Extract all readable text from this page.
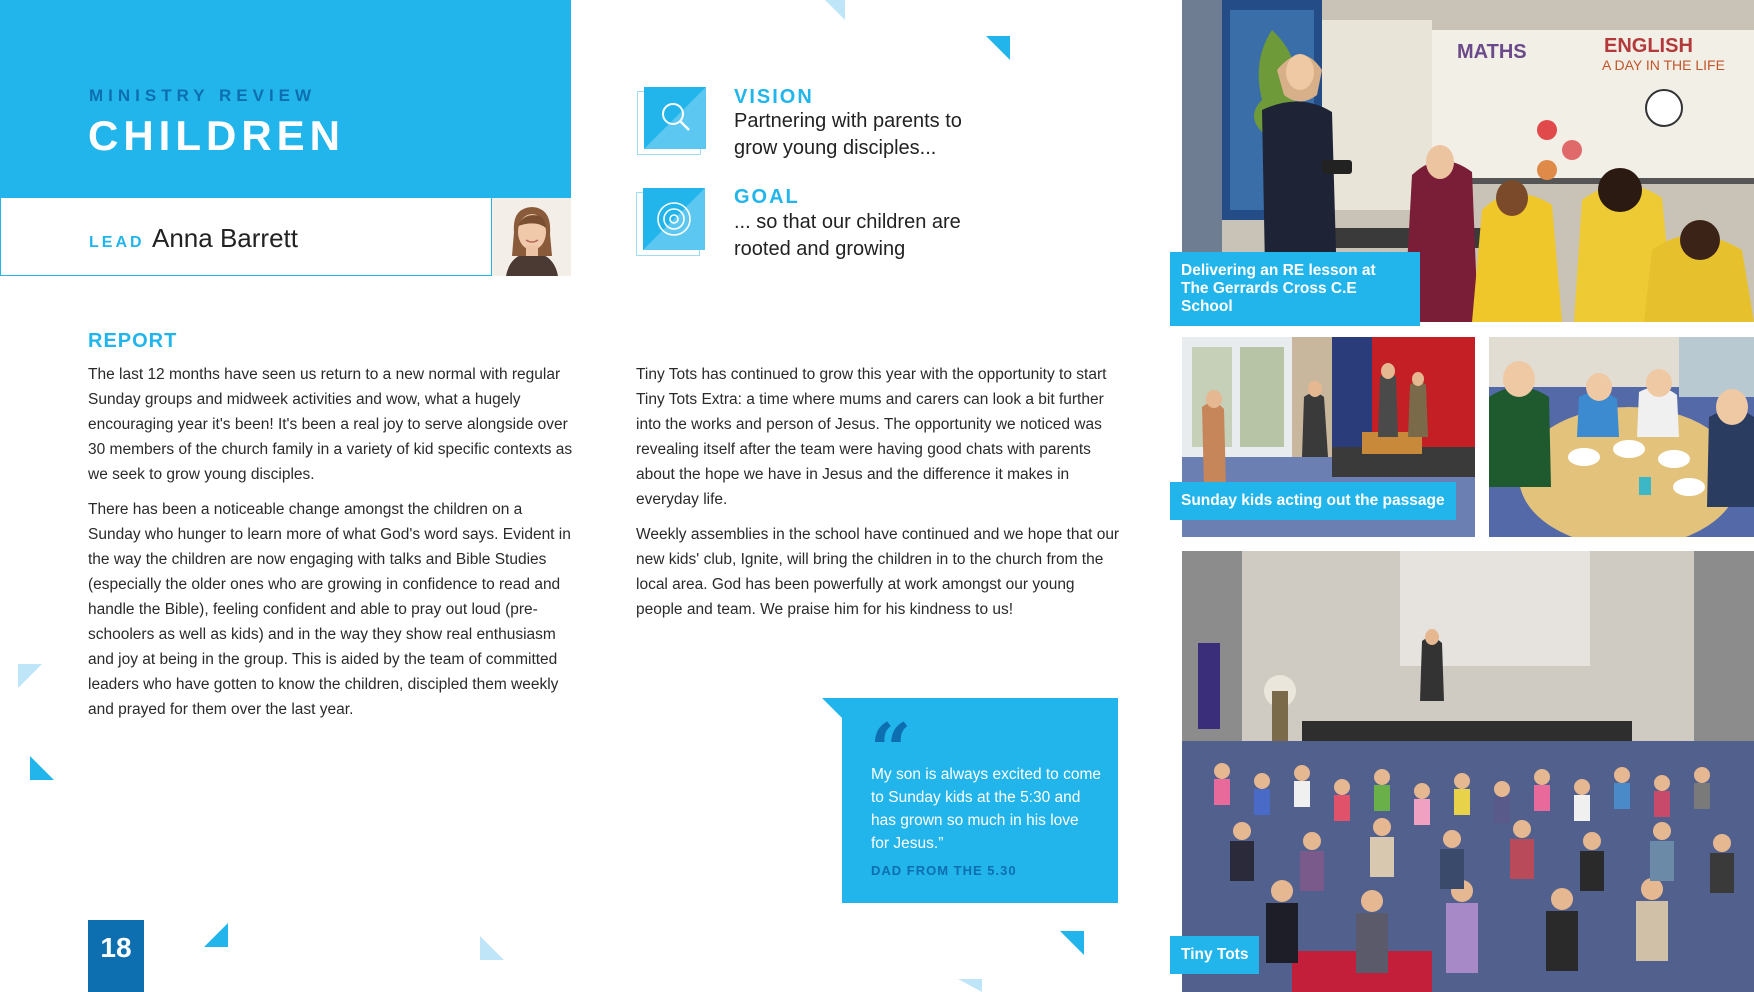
MINISTRY REVIEW
CHILDREN
LEAD Anna Barrett
VISION
Partnering with parents to
grow young disciples...
GOAL
... so that our children are
rooted and growing
REPORT
The last 12 months have seen us return to a new normal with regular Sunday groups and midweek activities and wow, what a hugely encouraging year it's been! It's been a real joy to serve alongside over 30 members of the church family in a variety of kid specific contexts as we seek to grow young disciples.
There has been a noticeable change amongst the children on a Sunday who hunger to learn more of what God's word says. Evident in the way the children are now engaging with talks and Bible Studies (especially the older ones who are growing in confidence to read and handle the Bible), feeling confident and able to pray out loud (pre-schoolers as well as kids) and in the way they show real enthusiasm and joy at being in the group. This is aided by the team of committed leaders who have gotten to know the children, discipled them weekly and prayed for them over the last year.
Tiny Tots has continued to grow this year with the opportunity to start Tiny Tots Extra: a time where mums and carers can look a bit further into the works and person of Jesus. The opportunity we noticed was revealing itself after the team were having good chats with parents about the hope we have in Jesus and the difference it makes in everyday life.
Weekly assemblies in the school have continued and we hope that our new kids' club, Ignite, will bring the children in to the church from the local area. God has been powerfully at work amongst our young people and team. We praise him for his kindness to us!
“
My son is always excited to come to Sunday kids at the 5:30 and has grown so much in his love for Jesus.”
DAD FROM THE 5.30
18
MATHS	ENGLISH
A DAY IN THE LIFE
Delivering an RE lesson at
The Gerrards Cross C.E School
Sunday kids acting out the passage
Tiny Tots
